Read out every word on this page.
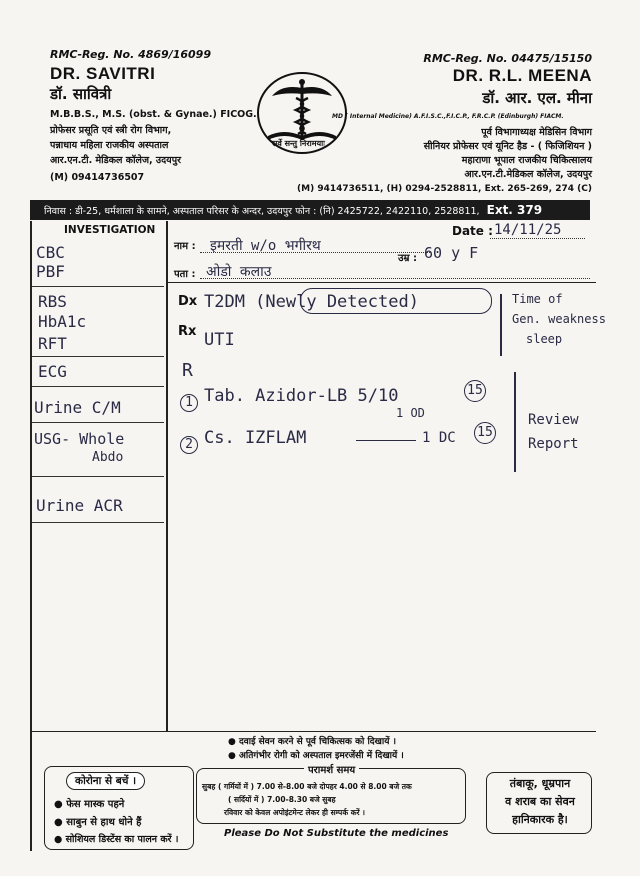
RMC-Reg. No. 4869/16099
DR. SAVITRI
डॉ. सावित्री
M.B.B.S., M.S. (obst. & Gynae.) FICOG.
प्रोफेसर प्रसूति एवं स्त्री रोग विभाग,
पन्नाधाय महिला राजकीय अस्पताल
आर.एन.टी. मेडिकल कॉलेज, उदयपुर
(M) 09414736507
सर्वे सन्तु निरामयाः
RMC-Reg. No. 04475/15150
DR. R.L. MEENA
डॉ. आर. एल. मीना
MD ( Internal Medicine) A.F.I.S.C.,F.I.C.P., F.R.C.P. (Edinburgh) FIACM.
पूर्व विभागाध्यक्ष मेडिसिन विभाग
सीनियर प्रोफेसर एवं यूनिट हैड - ( फिजिशियन )
महाराणा भूपाल राजकीय चिकित्सालय
आर.एन.टी.मेडिकल कॉलेज, उदयपुर
(M) 9414736511, (H) 0294-2528811, Ext. 265-269, 274 (C)
निवास : डी-25, धर्मशाला के सामने, अस्पताल परिसर के अन्दर, उदयपुर फोन : (नि) 2425722, 2422110, 2528811, Ext. 379
INVESTIGATION
नाम :
उम्र :
Date :
पता :
Dx
Rx
इमरती w/o भगीरथ	60 y F
14/11/25
ओडो कलाउ
CBC
PBF
RBS
HbA1c
RFT
ECG
Urine C/M
USG- Whole
Abdo
Urine ACR
T2DM (Newly Detected)
UTI
Time of
Gen. weakness
sleep
R
1 Tab. Azidor-LB 5/10
1 OD
15
2 Cs. IZFLAM	1 DC 15
Review
Report
● दवाई सेवन करने से पूर्व चिकित्सक को दिखायें ।
● अतिगंभीर रोगी को अस्पताल इमरजेंसी में दिखायें ।
कोरोना से बचें ।
● फेस मास्क पहने
● साबुन से हाथ धोने हैं
● सोशियल डिस्टेंस का पालन करें ।
परामर्श समय
सुबह ( गर्मियों में ) 7.00 से-8.00 बजे दोपहर 4.00 से 8.00 बजे तक
( सर्दियों में ) 7.00-8.30 बजे सुबह
रविवार को केवल अपोइंटमेन्ट लेकर ही सम्पर्क करें ।
Please Do Not Substitute the medicines
तंबाकू, धूम्रपान
व शराब का सेवन
हानिकारक है।
